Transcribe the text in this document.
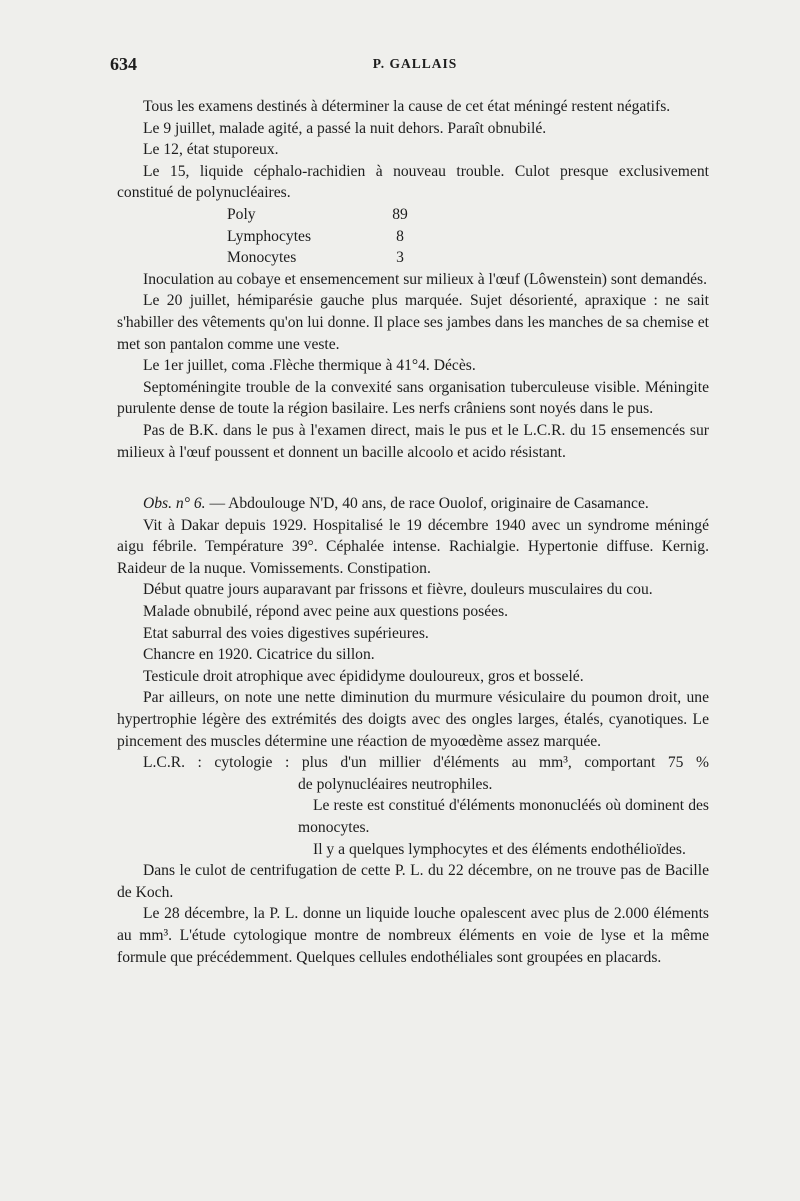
634	P. GALLAIS

Tous les examens destinés à déterminer la cause de cet état méningé restent négatifs.

Le 9 juillet, malade agité, a passé la nuit dehors. Paraît obnubilé.

Le 12, état stuporeux.

Le 15, liquide céphalo-rachidien à nouveau trouble. Culot presque exclusivement constitué de polynucléaires.

Poly	89
Lymphocytes	8
Monocytes	3

Inoculation au cobaye et ensemencement sur milieux à l'œuf (Lôwenstein) sont demandés.

Le 20 juillet, hémiparésie gauche plus marquée. Sujet désorienté, apraxique : ne sait s'habiller des vêtements qu'on lui donne. Il place ses jambes dans les manches de sa chemise et met son pantalon comme une veste.

Le 1er juillet, coma .Flèche thermique à 41°4. Décès.

Septoméningite trouble de la convexité sans organisation tuberculeuse visible. Méningite purulente dense de toute la région basilaire. Les nerfs crâniens sont noyés dans le pus.

Pas de B.K. dans le pus à l'examen direct, mais le pus et le L.C.R. du 15 ensemencés sur milieux à l'œuf poussent et donnent un bacille alcoolo et acido résistant.

Obs. n° 6. — Abdoulouge N'D, 40 ans, de race Ouolof, originaire de Casamance.

Vit à Dakar depuis 1929. Hospitalisé le 19 décembre 1940 avec un syndrome méningé aigu fébrile. Température 39°. Céphalée intense. Rachialgie. Hypertonie diffuse. Kernig. Raideur de la nuque. Vomissements. Constipation.

Début quatre jours auparavant par frissons et fièvre, douleurs musculaires du cou.

Malade obnubilé, répond avec peine aux questions posées.

Etat saburral des voies digestives supérieures.

Chancre en 1920. Cicatrice du sillon.

Testicule droit atrophique avec épididyme douloureux, gros et bosselé.

Par ailleurs, on note une nette diminution du murmure vésiculaire du poumon droit, une hypertrophie légère des extrémités des doigts avec des ongles larges, étalés, cyanotiques. Le pincement des muscles détermine une réaction de myoœdème assez marquée.

L.C.R. : cytologie : plus d'un millier d'éléments au mm³, comportant 75 %

de polynucléaires neutrophiles.

Le reste est constitué d'éléments mononucléés où dominent des monocytes.

Il y a quelques lymphocytes et des éléments endothélioïdes.

Dans le culot de centrifugation de cette P. L. du 22 décembre, on ne trouve pas de Bacille de Koch.

Le 28 décembre, la P. L. donne un liquide louche opalescent avec plus de 2.000 éléments au mm³. L'étude cytologique montre de nombreux éléments en voie de lyse et la même formule que précédemment. Quelques cellules endothéliales sont groupées en placards.
